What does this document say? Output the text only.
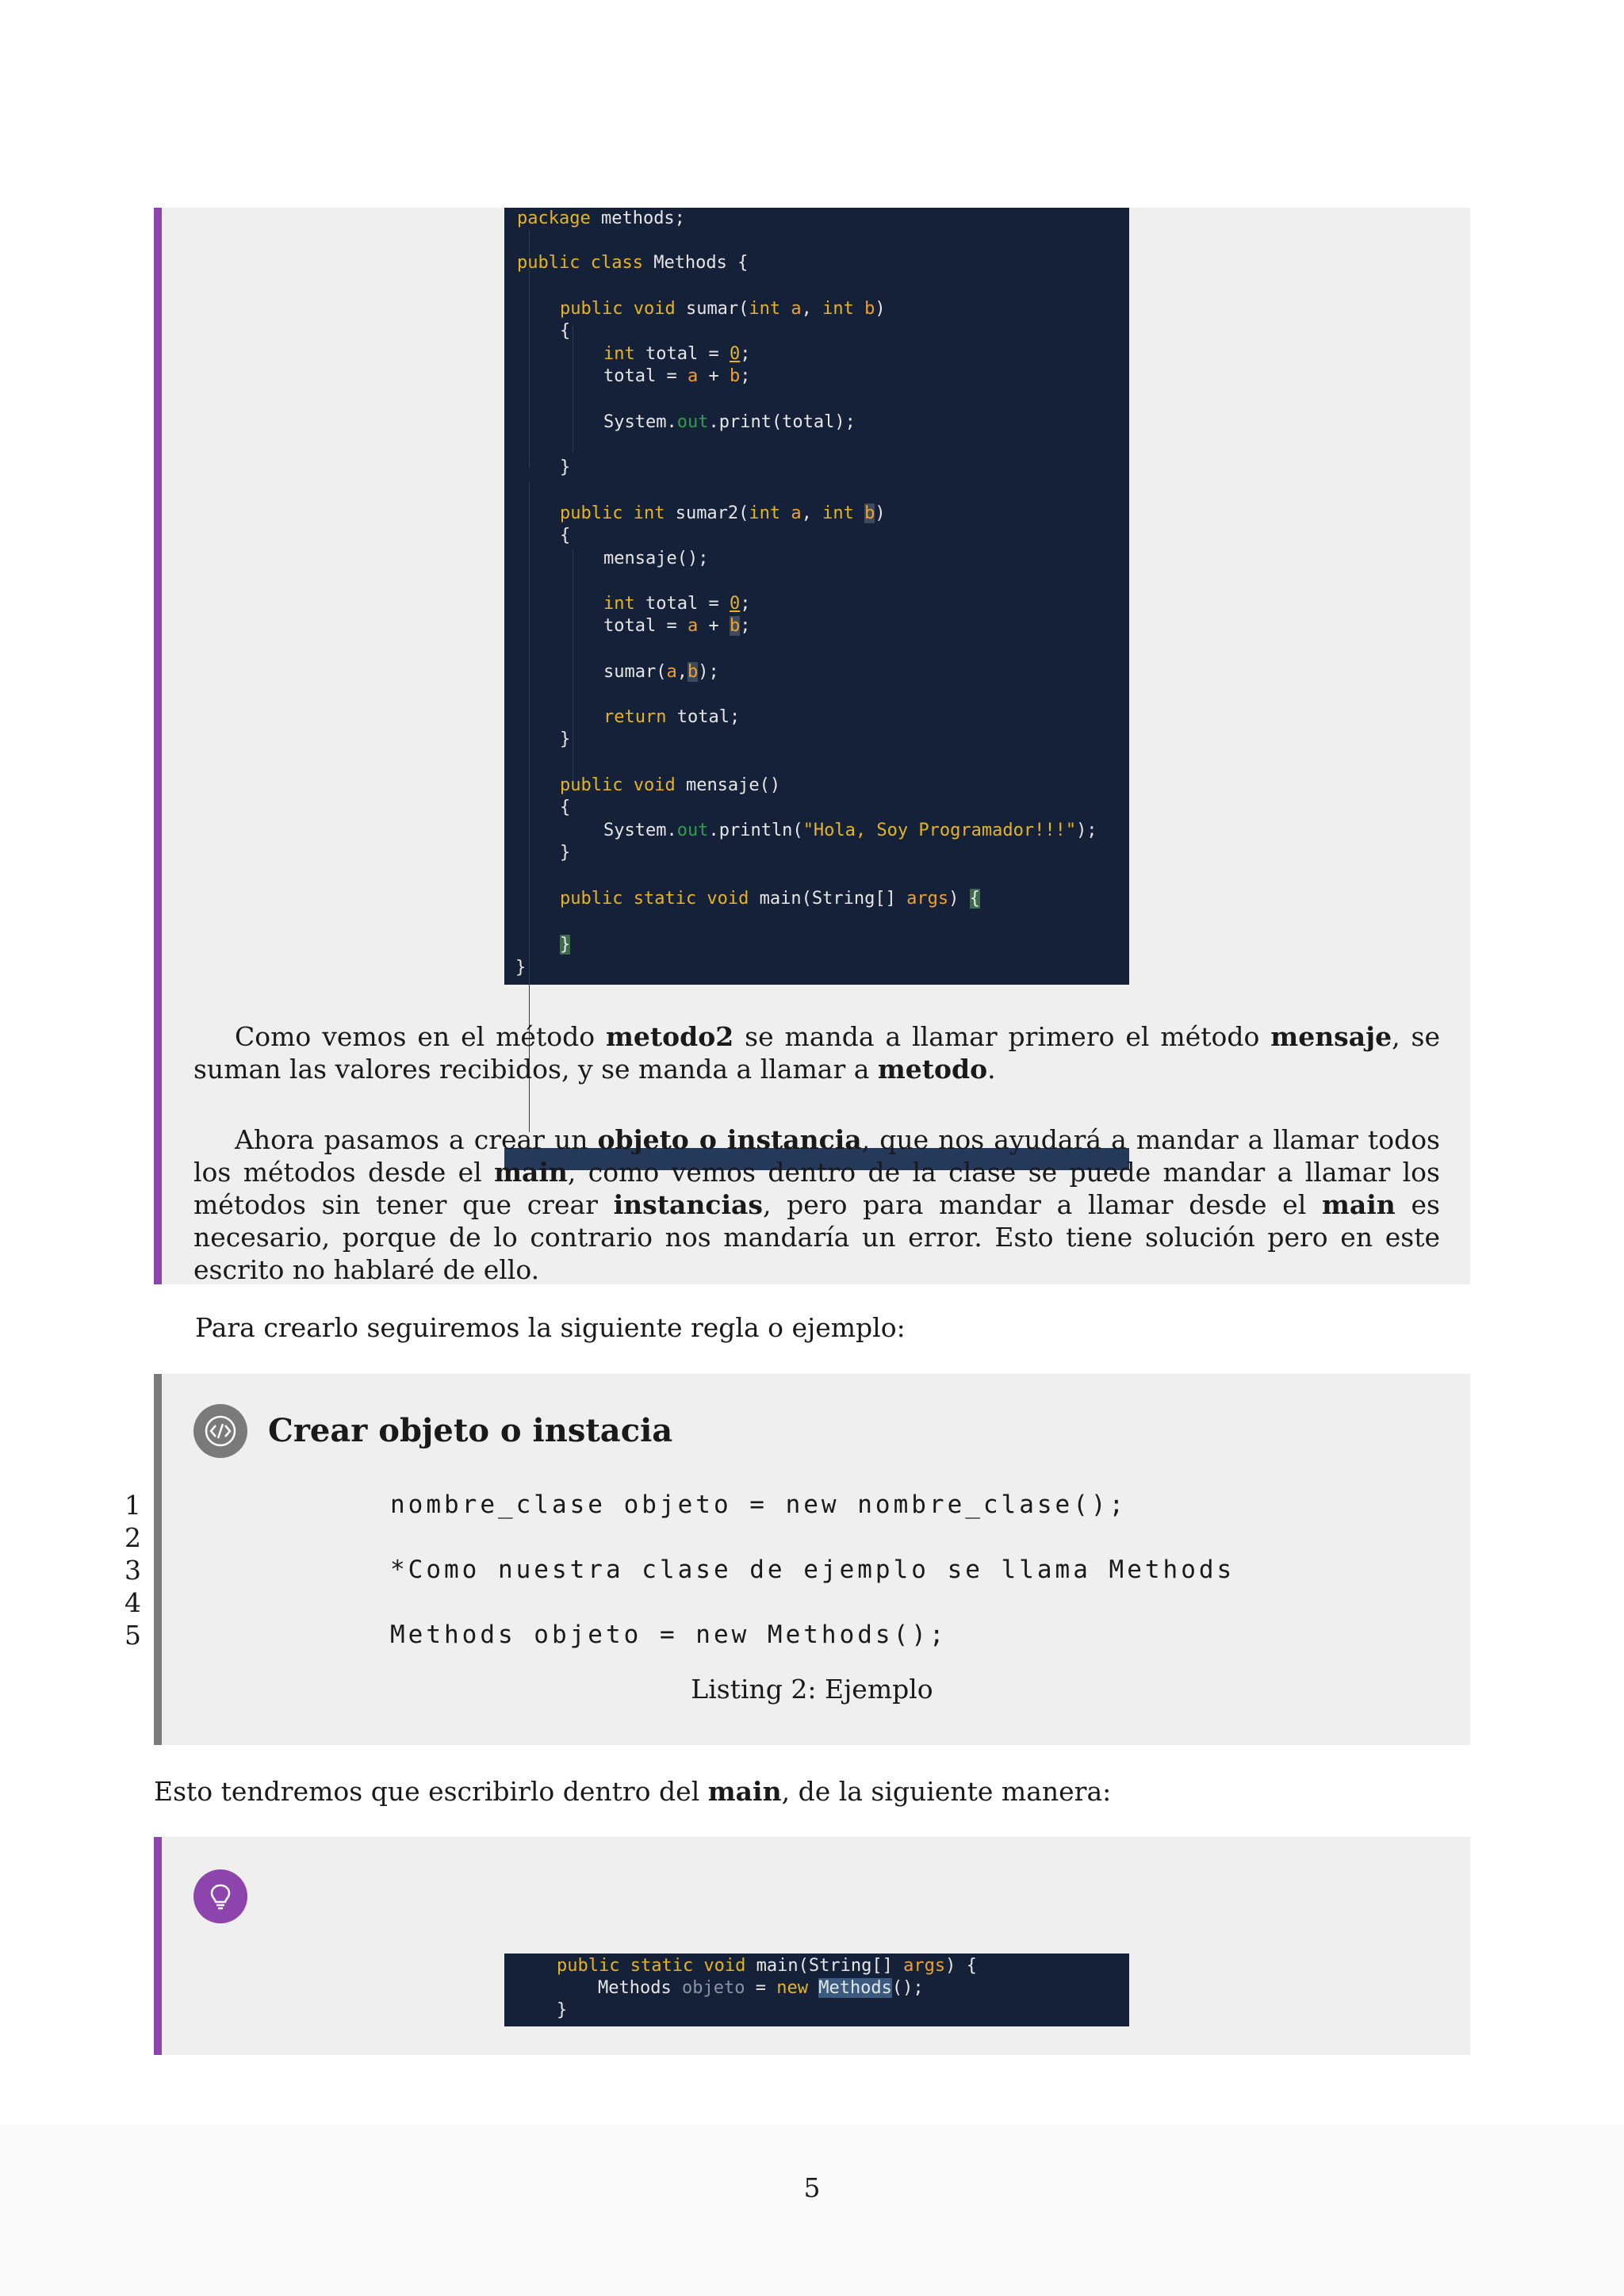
package methods;
public class Methods {
public void sumar(int a, int b)
{
int total = 0;
total = a + b;
System.out.print(total);
}
public int sumar2(int a, int b)
{
mensaje();
int total = 0;
total = a + b;
sumar(a,b);
return total;
}
public void mensaje()
{
System.out.println("Hola, Soy Programador!!!");
}
public static void main(String[] args) {
}
}
Como vemos en el método metodo2 se manda a llamar primero el método mensaje, se suman las valores recibidos, y se manda a llamar a metodo.
Ahora pasamos a crear un objeto o instancia, que nos ayudará a mandar a llamar todos los métodos desde el main, como vemos dentro de la clase se puede mandar a llamar los métodos sin tener que crear instancias, pero para mandar a llamar desde el main es necesario, porque de lo contrario nos mandaría un error. Esto tiene solución pero en este escrito no hablaré de ello.
Para crearlo seguiremos la siguiente regla o ejemplo:
Crear objeto o instacia
1
2
3
4
5
nombre_clase objeto = new nombre_clase();
*Como nuestra clase de ejemplo se llama Methods
Methods objeto = new Methods();
Listing 2: Ejemplo
Esto tendremos que escribirlo dentro del main, de la siguiente manera:
public static void main(String[] args) {
Methods objeto = new Methods();
}
5
